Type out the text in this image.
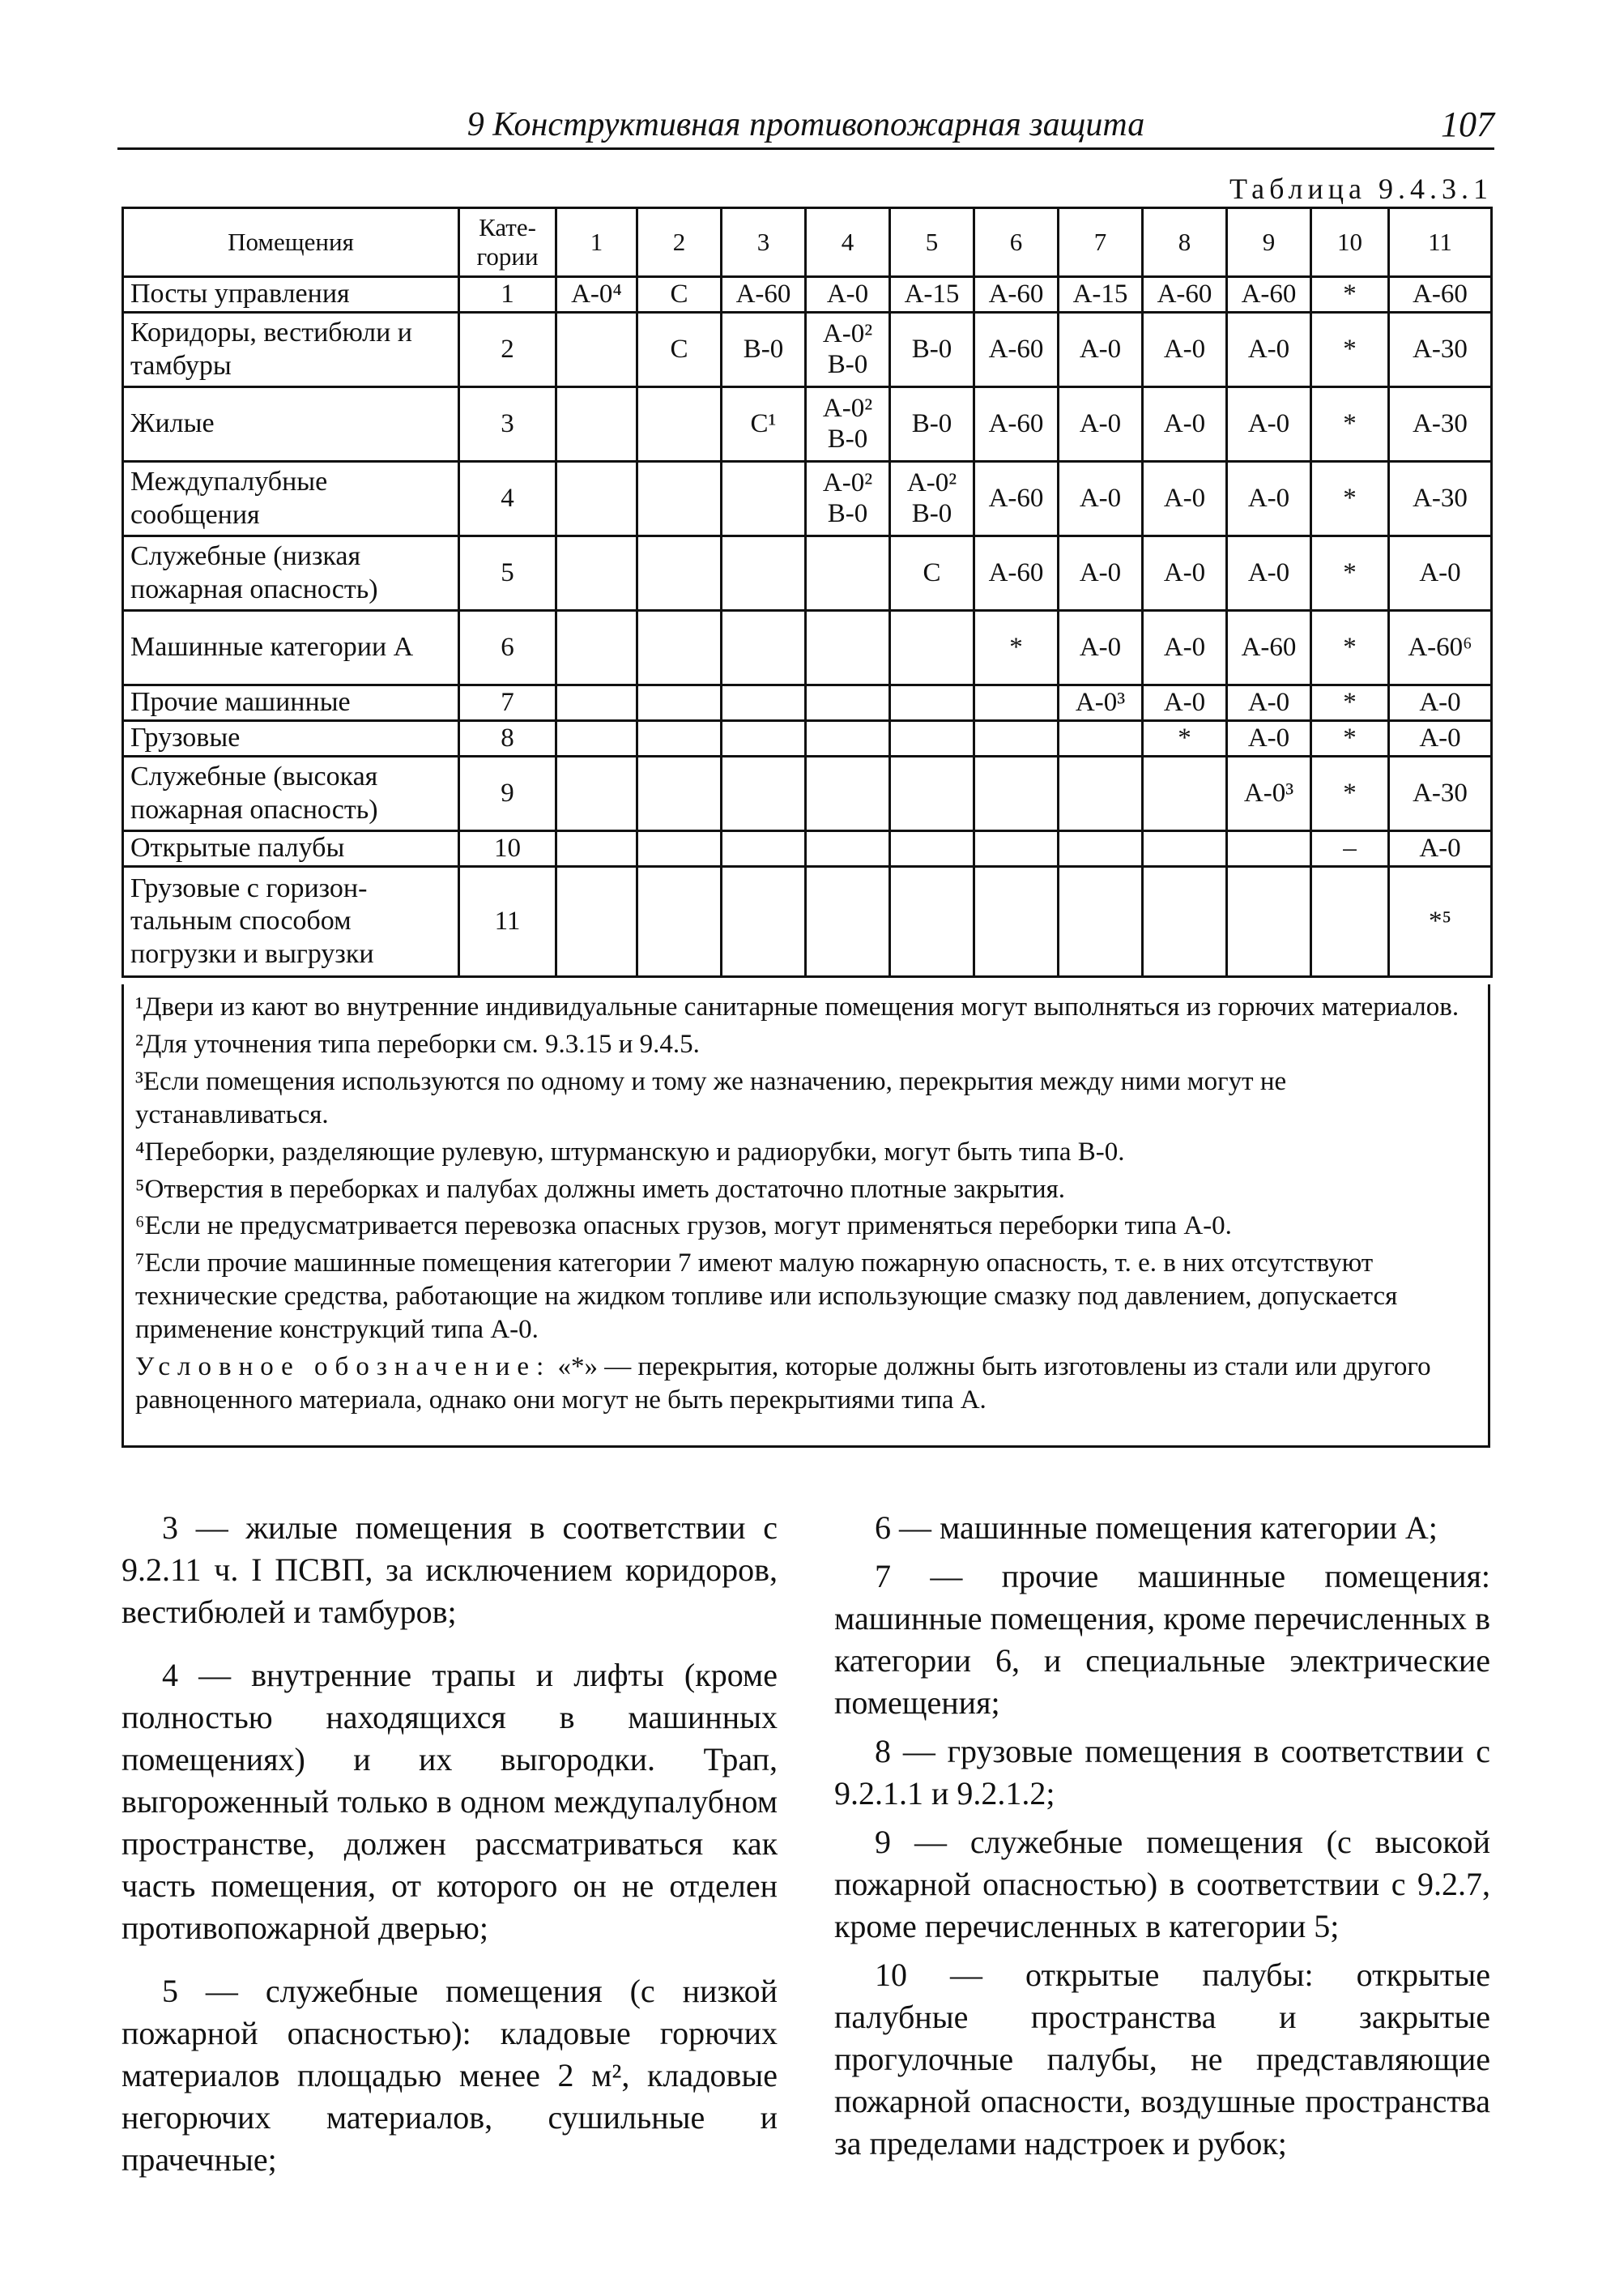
9 Конструктивная противопожарная защита	107
Таблица 9.4.3.1
Помещения	Кате-гории	1	2	3	4	5	6	7	8	9	10	11
Посты управления	1	А-0⁴	С	А-60	А-0	А-15	А-60	А-15	А-60	А-60	*	А-60
Коридоры, вестибюли и тамбуры	2		С	В-0	А-0² В-0	В-0	А-60	А-0	А-0	А-0	*	А-30
Жилые	3			С¹	А-0² В-0	В-0	А-60	А-0	А-0	А-0	*	А-30
Междупалубные сообщения	4				А-0² В-0	А-0² В-0	А-60	А-0	А-0	А-0	*	А-30
Служебные (низкая пожарная опасность)	5					С	А-60	А-0	А-0	А-0	*	А-0
Машинные категории А	6						*	А-0	А-0	А-60	*	А-60⁶
Прочие машинные	7							А-0³	А-0	А-0	*	А-0
Грузовые	8								*	А-0	*	А-0
Служебные (высокая пожарная опасность)	9									А-0³	*	А-30
Открытые палубы	10										–	А-0
Грузовые с горизон-тальным способом погрузки и выгрузки	11											*⁵

¹Двери из кают во внутренние индивидуальные санитарные помещения могут выполняться из горючих материалов.

²Для уточнения типа переборки см. 9.3.15 и 9.4.5.

³Если помещения используются по одному и тому же назначению, перекрытия между ними могут не устанавливаться.

⁴Переборки, разделяющие рулевую, штурманскую и радиорубки, могут быть типа В-0.

⁵Отверстия в переборках и палубах должны иметь достаточно плотные закрытия.

⁶Если не предусматривается перевозка опасных грузов, могут применяться переборки типа А-0.

⁷Если прочие машинные помещения категории 7 имеют малую пожарную опасность, т. е. в них отсутствуют технические средства, работающие на жидком топливе или использующие смазку под давлением, допускается применение конструкций типа А-0.

Условное обозначение: «*» — перекрытия, которые должны быть изготовлены из стали или другого равноценного материала, однако они могут не быть перекрытиями типа А.

3 — жилые помещения в соответствии с 9.2.11 ч. I ПСВП, за исключением коридоров, вестибюлей и тамбуров;

4 — внутренние трапы и лифты (кроме полностью находящихся в машинных помещениях) и их выгородки. Трап, выгороженный только в одном междупалубном пространстве, должен рассматриваться как часть помещения, от которого он не отделен противопожарной дверью;

5 — служебные помещения (с низкой пожарной опасностью): кладовые горючих материалов площадью менее 2 м², кладовые негорючих материалов, сушильные и прачечные;

6 — машинные помещения категории А;

7 — прочие машинные помещения: машинные помещения, кроме перечисленных в категории 6, и специальные электрические помещения;

8 — грузовые помещения в соответствии с 9.2.1.1 и 9.2.1.2;

9 — служебные помещения (с высокой пожарной опасностью) в соответствии с 9.2.7, кроме перечисленных в категории 5;

10 — открытые палубы: открытые палубные пространства и закрытые прогулочные палубы, не представляющие пожарной опасности, воздушные пространства за пределами надстроек и рубок;
